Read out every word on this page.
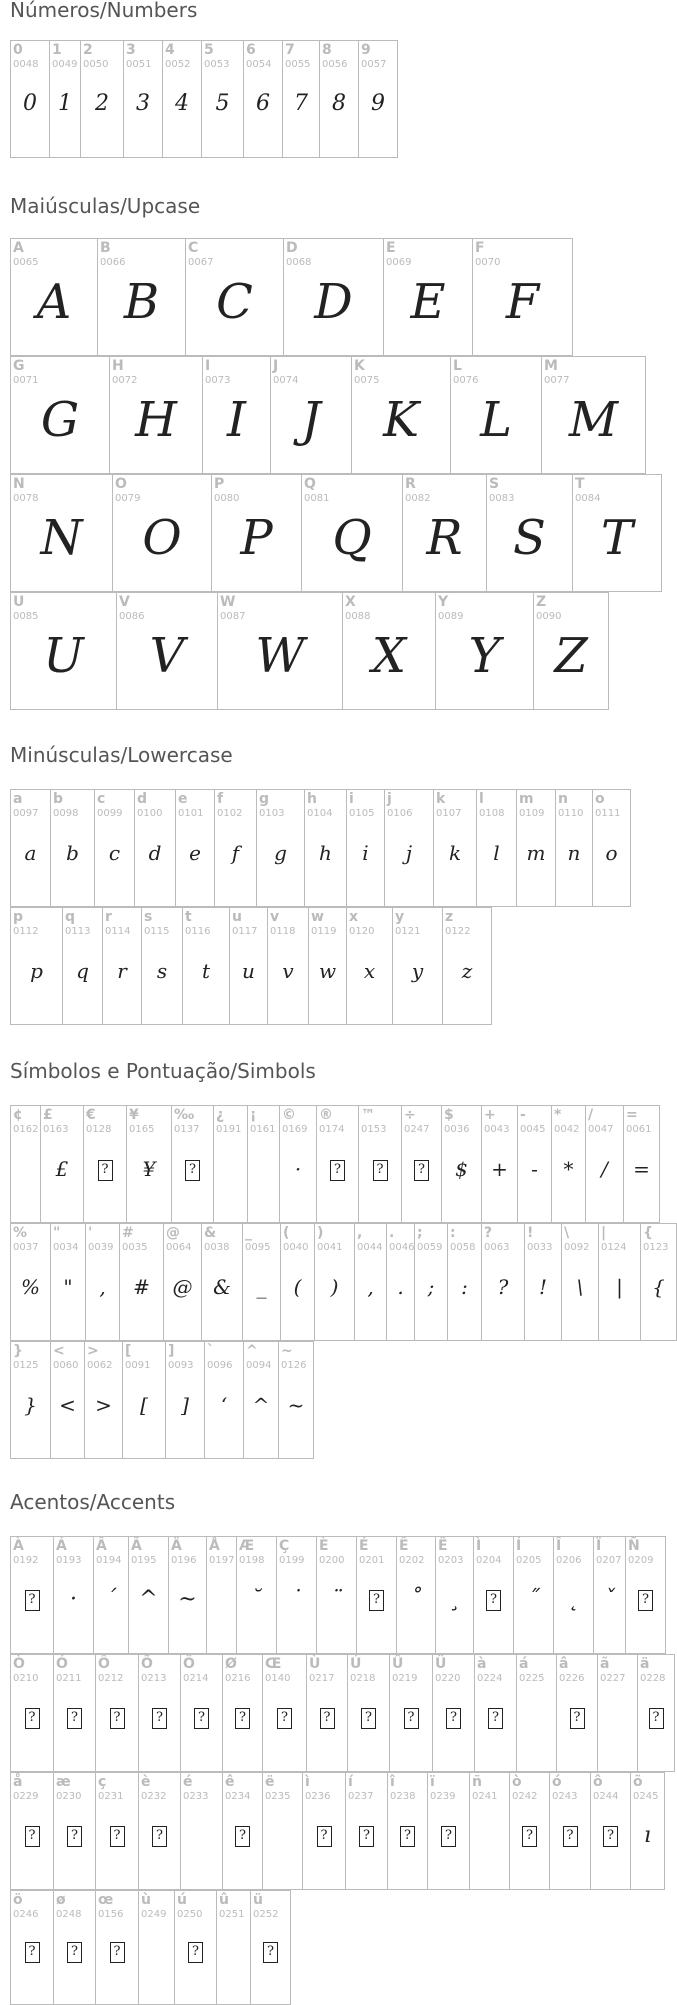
Números/Numbers
Maiúsculas/Upcase
Minúsculas/Lowercase
Símbolos e Pontuação/Simbols
Acentos/Accents
0
0048
0
1
0049
1
2
0050
2
3
0051
3
4
0052
4
5
0053
5
6
0054
6
7
0055
7
8
0056
8
9
0057
9
A
0065
A
B
0066
B
C
0067
C
D
0068
D
E
0069
E
F
0070
F
G
0071
G
H
0072
H
I
0073
I
J
0074
J
K
0075
K
L
0076
L
M
0077
M
N
0078
N
O
0079
O
P
0080
P
Q
0081
Q
R
0082
R
S
0083
S
T
0084
T
U
0085
U
V
0086
V
W
0087
W
X
0088
X
Y
0089
Y
Z
0090
Z
a
0097
a
b
0098
b
c
0099
c
d
0100
d
e
0101
e
f
0102
f
g
0103
g
h
0104
h
i
0105
i
j
0106
j
k
0107
k
l
0108
l
m
0109
m
n
0110
n
o
0111
o
p
0112
p
q
0113
q
r
0114
r
s
0115
s
t
0116
t
u
0117
u
v
0118
v
w
0119
w
x
0120
x
y
0121
y
z
0122
z
¢
0162
£
0163
£
€
0128
?
¥
0165
¥
‰
0137
?
¿
0191
¡
0161
©
0169
·
®
0174
?
™
0153
?
÷
0247
?
$
0036
$
+
0043
+
-
0045
-
*
0042
*
/
0047
/
=
0061
=
%
0037
%
"
0034
"
'
0039
,
#
0035
#
@
0064
@
&
0038
&
_
0095
_
(
0040
(
)
0041
)
,
0044
,
.
0046
.
;
0059
;
:
0058
:
?
0063
?
!
0033
!
\
0092
\
|
0124
|
{
0123
{
}
0125
}
<
0060
<
>
0062
>
[
0091
[
]
0093
]
`
0096
‘
^
0094
^
~
0126
~
À
0192
?
Á
0193
·
Â
0194
´
Ã
0195
^
Ä
0196
~
Å
0197
Æ
0198
˘
Ç
0199
˙
È
0200
¨
É
0201
?
Ê
0202
˚
Ë
0203
¸
Ì
0204
?
Í
0205
˝
Î
0206
˛
Ï
0207
ˇ
Ñ
0209
?
Ò
0210
?
Ó
0211
?
Ô
0212
?
Õ
0213
?
Ö
0214
?
Ø
0216
?
Œ
0140
?
Ù
0217
?
Ú
0218
?
Û
0219
?
Ü
0220
?
à
0224
?
á
0225
â
0226
?
ã
0227
ä
0228
?
å
0229
?
æ
0230
?
ç
0231
?
è
0232
?
é
0233
ê
0234
?
ë
0235
ì
0236
?
í
0237
?
î
0238
?
ï
0239
?
ñ
0241
ò
0242
?
ó
0243
?
ô
0244
?
õ
0245
ı
ö
0246
?
ø
0248
?
œ
0156
?
ù
0249
ú
0250
?
û
0251
ü
0252
?
